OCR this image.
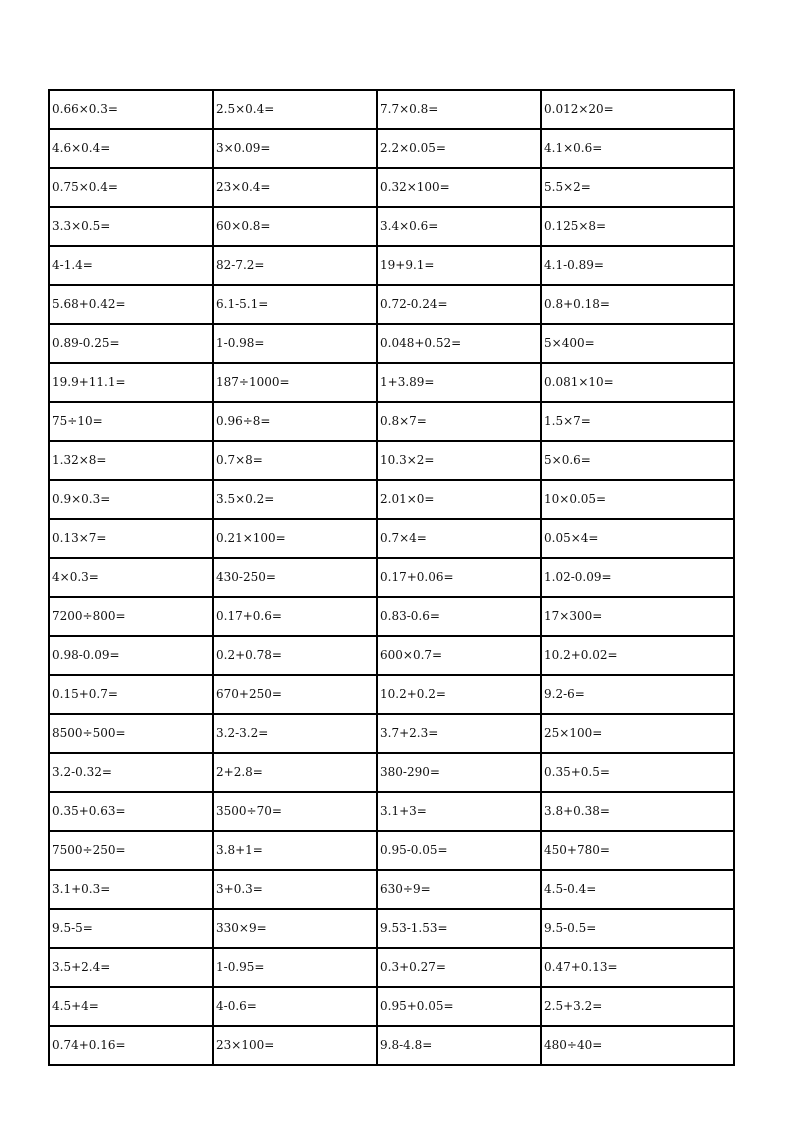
0.66×0.3=	2.5×0.4=	7.7×0.8=	0.012×20=
4.6×0.4=	3×0.09=	2.2×0.05=	4.1×0.6=
0.75×0.4=	23×0.4=	0.32×100=	5.5×2=
3.3×0.5=	60×0.8=	3.4×0.6=	0.125×8=
4-1.4=	82-7.2=	19+9.1=	4.1-0.89=
5.68+0.42=	6.1-5.1=	0.72-0.24=	0.8+0.18=
0.89-0.25=	1-0.98=	0.048+0.52=	5×400=
19.9+11.1=	187÷1000=	1+3.89=	0.081×10=
75÷10=	0.96÷8=	0.8×7=	1.5×7=
1.32×8=	0.7×8=	10.3×2=	5×0.6=
0.9×0.3=	3.5×0.2=	2.01×0=	10×0.05=
0.13×7=	0.21×100=	0.7×4=	0.05×4=
4×0.3=	430-250=	0.17+0.06=	1.02-0.09=
7200÷800=	0.17+0.6=	0.83-0.6=	17×300=
0.98-0.09=	0.2+0.78=	600×0.7=	10.2+0.02=
0.15+0.7=	670+250=	10.2+0.2=	9.2-6=
8500÷500=	3.2-3.2=	3.7+2.3=	25×100=
3.2-0.32=	2+2.8=	380-290=	0.35+0.5=
0.35+0.63=	3500÷70=	3.1+3=	3.8+0.38=
7500÷250=	3.8+1=	0.95-0.05=	450+780=
3.1+0.3=	3+0.3=	630÷9=	4.5-0.4=
9.5-5=	330×9=	9.53-1.53=	9.5-0.5=
3.5+2.4=	1-0.95=	0.3+0.27=	0.47+0.13=
4.5+4=	4-0.6=	0.95+0.05=	2.5+3.2=
0.74+0.16=	23×100=	9.8-4.8=	480÷40=
